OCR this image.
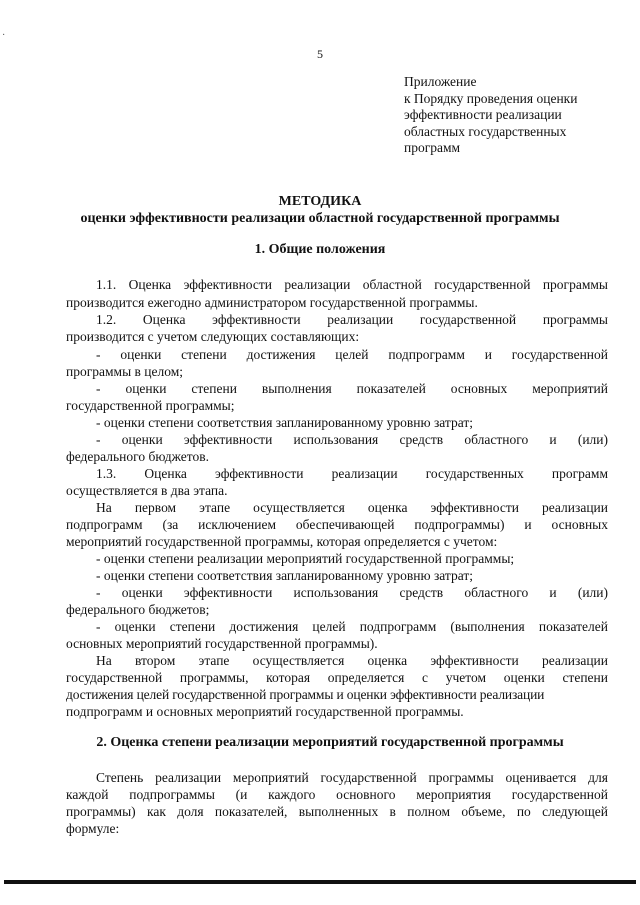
·
5
Приложение
к Порядку проведения оценки
эффективности реализации
областных государственных
программ
МЕТОДИКА
оценки эффективности реализации областной государственной программы
1. Общие положения
1.1. Оценка эффективности реализации областной государственной программы
производится ежегодно администратором государственной программы.
1.2. Оценка эффективности реализации государственной программы
производится с учетом следующих составляющих:
- оценки степени достижения целей подпрограмм и государственной
программы в целом;
- оценки степени выполнения показателей основных мероприятий
государственной программы;
- оценки степени соответствия запланированному уровню затрат;
- оценки эффективности использования средств областного и (или)
федерального бюджетов.
1.3. Оценка эффективности реализации государственных программ
осуществляется в два этапа.
На первом этапе осуществляется оценка эффективности реализации
подпрограмм (за исключением обеспечивающей подпрограммы) и основных
мероприятий государственной программы, которая определяется с учетом:
- оценки степени реализации мероприятий государственной программы;
- оценки степени соответствия запланированному уровню затрат;
- оценки эффективности использования средств областного и (или)
федерального бюджетов;
- оценки степени достижения целей подпрограмм (выполнения показателей
основных мероприятий государственной программы).
На втором этапе осуществляется оценка эффективности реализации
государственной программы, которая определяется с учетом оценки степени
достижения целей государственной программы и оценки эффективности реализации
подпрограмм и основных мероприятий государственной программы.
2. Оценка степени реализации мероприятий государственной программы
Степень реализации мероприятий государственной программы оценивается для
каждой подпрограммы (и каждого основного мероприятия государственной
программы) как доля показателей, выполненных в полном объеме, по следующей
формуле:
